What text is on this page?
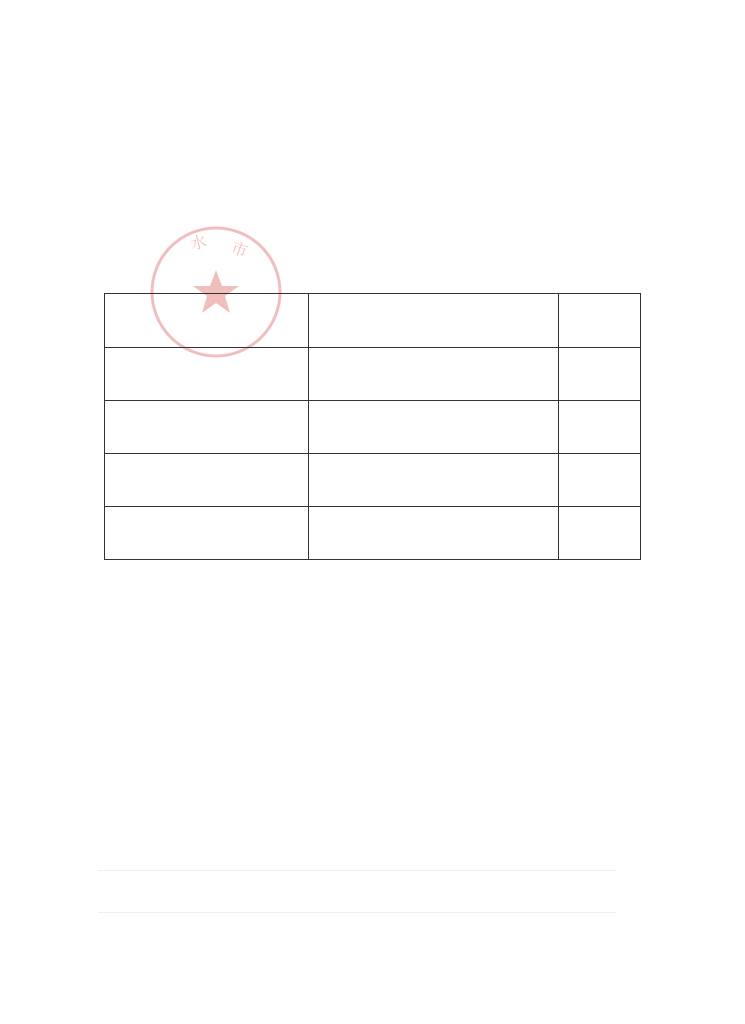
市
水
